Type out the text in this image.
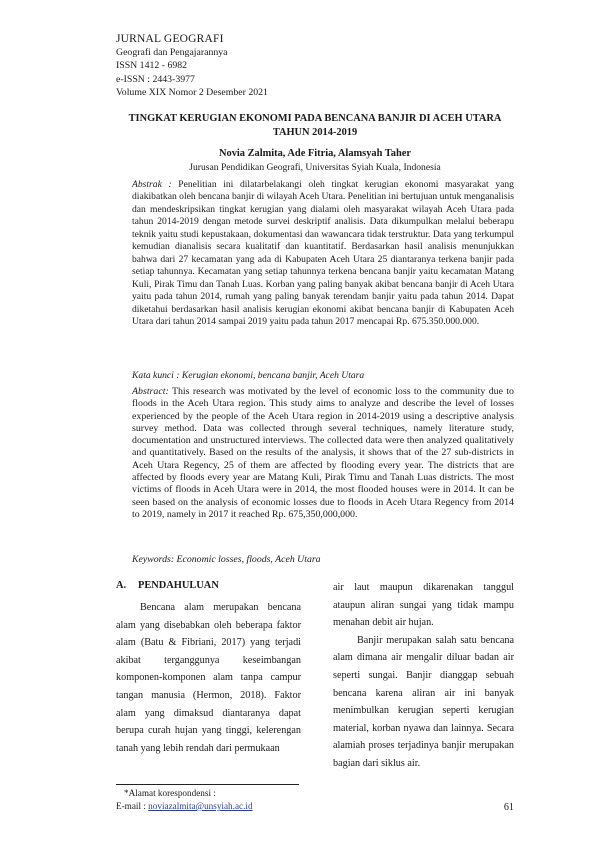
JURNAL GEOGRAFI
Geografi dan Pengajarannya
ISSN 1412 - 6982
e-ISSN : 2443-3977
Volume XIX Nomor 2 Desember 2021
TINGKAT KERUGIAN EKONOMI PADA BENCANA BANJIR DI ACEH UTARA TAHUN 2014-2019
Novia Zalmita, Ade Fitria, Alamsyah Taher
Jurusan Pendidikan Geografi, Universitas Syiah Kuala, Indonesia
Abstrak : Penelitian ini dilatarbelakangi oleh tingkat kerugian ekonomi masyarakat yang diakibatkan oleh bencana banjir di wilayah Aceh Utara. Penelitian ini bertujuan untuk menganalisis dan mendeskripsikan tingkat kerugian yang dialami oleh masyarakat wilayah Aceh Utara pada tahun 2014-2019 dengan metode survei deskriptif analisis. Data dikumpulkan melalui beberapu teknik yaitu studi kepustakaan, dokumentasi dan wawancara tidak terstruktur. Data yang terkumpul kemudian dianalisis secara kualitatif dan kuantitatif. Berdasarkan hasil analisis menunjukkan bahwa dari 27 kecamatan yang ada di Kabupaten Aceh Utara 25 diantaranya terkena banjir pada setiap tahunnya. Kecamatan yang setiap tahunnya terkena bencana banjir yaitu kecamatan Matang Kuli, Pirak Timu dan Tanah Luas. Korban yang paling banyak akibat bencana banjir di Aceh Utara yaitu pada tahun 2014, rumah yang paling banyak terendam banjir yaitu pada tahun 2014. Dapat diketahui berdasarkan hasil analisis kerugian ekonomi akibat bencana banjir di Kabupaten Aceh Utara dari tahun 2014 sampai 2019 yaitu pada tahun 2017 mencapai Rp. 675.350.000.000.
Kata kunci : Kerugian ekonomi, bencana banjir, Aceh Utara
Abstract: This research was motivated by the level of economic loss to the community due to floods in the Aceh Utara region. This study aims to analyze and describe the level of losses experienced by the people of the Aceh Utara region in 2014-2019 using a descriptive analysis survey method. Data was collected through several techniques, namely literature study, documentation and unstructured interviews. The collected data were then analyzed qualitatively and quantitatively. Based on the results of the analysis, it shows that of the 27 sub-districts in Aceh Utara Regency, 25 of them are affected by flooding every year. The districts that are affected by floods every year are Matang Kuli, Pirak Timu and Tanah Luas districts. The most victims of floods in Aceh Utara were in 2014, the most flooded houses were in 2014. It can be seen based on the analysis of economic losses due to floods in Aceh Utara Regency from 2014 to 2019, namely in 2017 it reached Rp. 675,350,000,000.
Keywords: Economic losses, floods, Aceh Utara
A. PENDAHULUAN

Bencana alam merupakan bencana alam yang disebabkan oleh beberapa faktor alam (Batu & Fibriani, 2017) yang terjadi akibat terganggunya keseimbangan komponen-komponen alam tanpa campur tangan manusia (Hermon, 2018). Faktor alam yang dimaksud diantaranya dapat berupa curah hujan yang tinggi, kelerengan tanah yang lebih rendah dari permukaan

air laut maupun dikarenakan tanggul ataupun aliran sungai yang tidak mampu menahan debit air hujan.

Banjir merupakan salah satu bencana alam dimana air mengalir diluar badan air seperti sungai. Banjir dianggap sebuah bencana karena aliran air ini banyak menimbulkan kerugian seperti kerugian material, korban nyawa dan lainnya. Secara alamiah proses terjadinya banjir merupakan bagian dari siklus air.

*Alamat korespondensi :
E-mail : noviazalmita@unsyiah.ac.id	61
